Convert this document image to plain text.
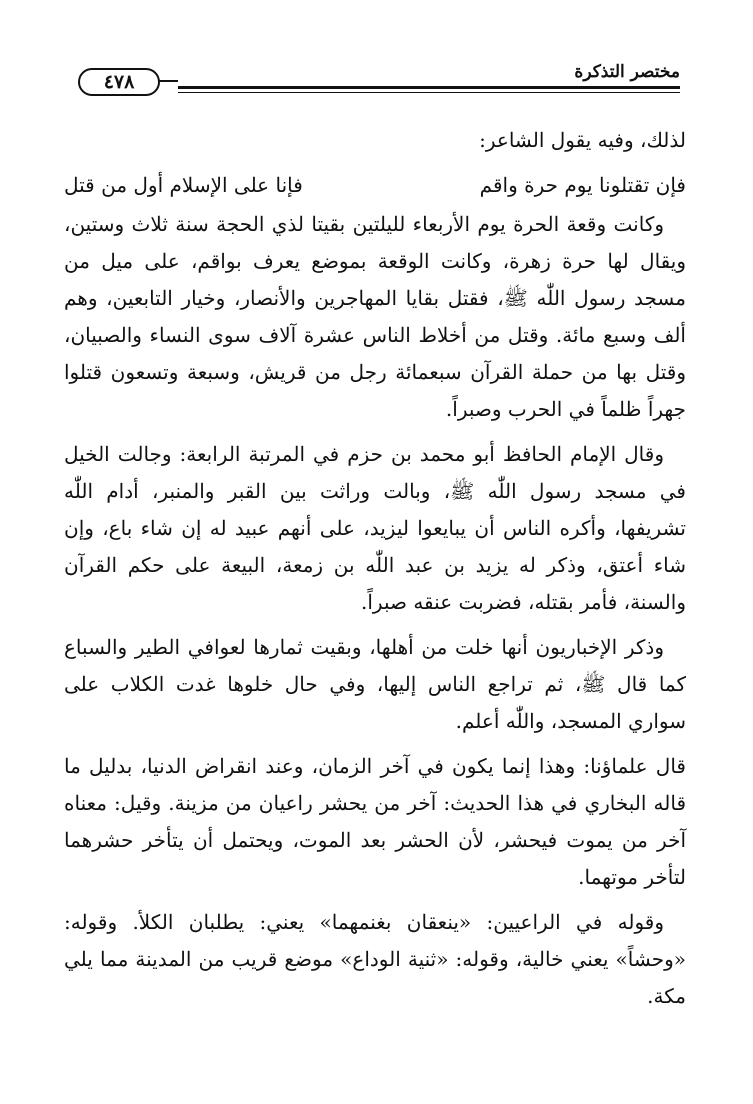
مختصر التذكرة
٤٧٨

لذلك، وفيه يقول الشاعر:

فإن تقتلونا يوم حرة واقم
فإنا على الإسلام أول من قتل

وكانت وقعة الحرة يوم الأربعاء لليلتين بقيتا لذي الحجة سنة ثلاث وستين، ويقال لها حرة زهرة، وكانت الوقعة بموضع يعرف بواقم، على ميل من مسجد رسول اللّٰه ﷺ، فقتل بقايا المهاجرين والأنصار، وخيار التابعين، وهم ألف وسبع مائة. وقتل من أخلاط الناس عشرة آلاف سوى النساء والصبيان، وقتل بها من حملة القرآن سبعمائة رجل من قريش، وسبعة وتسعون قتلوا جهراً ظلماً في الحرب وصبراً.

وقال الإمام الحافظ أبو محمد بن حزم في المرتبة الرابعة: وجالت الخيل في مسجد رسول اللّٰه ﷺ، وبالت وراثت بين القبر والمنبر، أدام اللّٰه تشريفها، وأكره الناس أن يبايعوا ليزيد، على أنهم عبيد له إن شاء باع، وإن شاء أعتق، وذكر له يزيد بن عبد اللّٰه بن زمعة، البيعة على حكم القرآن والسنة، فأمر بقتله، فضربت عنقه صبراً.

وذكر الإخباريون أنها خلت من أهلها، وبقيت ثمارها لعوافي الطير والسباع كما قال ﷺ، ثم تراجع الناس إليها، وفي حال خلوها غدت الكلاب على سواري المسجد، واللّٰه أعلم.

قال علماؤنا: وهذا إنما يكون في آخر الزمان، وعند انقراض الدنيا، بدليل ما قاله البخاري في هذا الحديث: آخر من يحشر راعيان من مزينة. وقيل: معناه آخر من يموت فيحشر، لأن الحشر بعد الموت، ويحتمل أن يتأخر حشرهما لتأخر موتهما.

وقوله في الراعيين: «ينعقان بغنمهما» يعني: يطلبان الكلأ. وقوله: «وحشاً» يعني خالية، وقوله: «ثنية الوداع» موضع قريب من المدينة مما يلي مكة.
